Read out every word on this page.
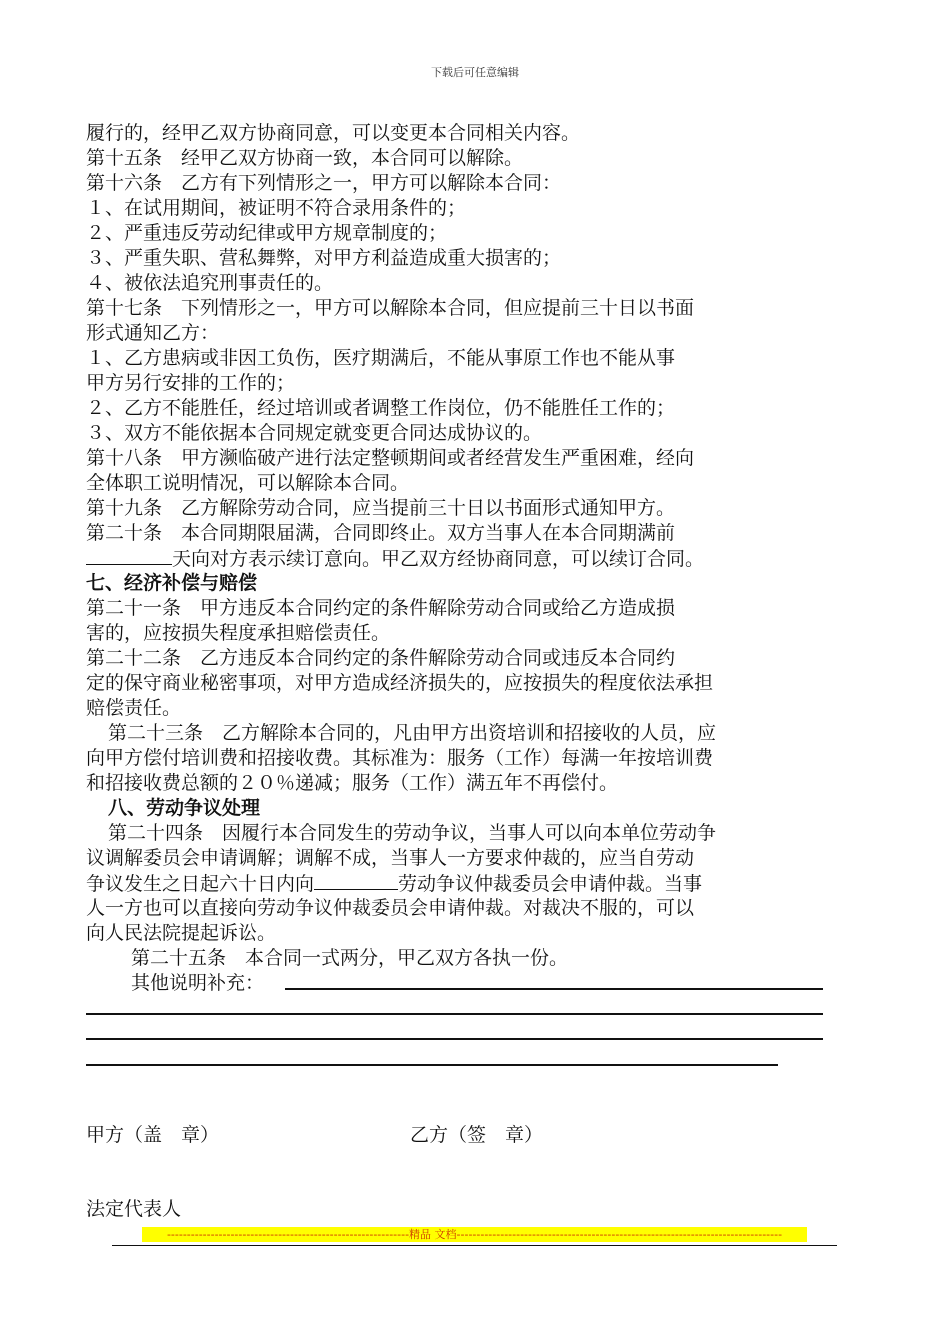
下载后可任意编辑
履行的，经甲乙双方协商同意，可以变更本合同相关内容。
第十五条　经甲乙双方协商一致，本合同可以解除。
第十六条　乙方有下列情形之一，甲方可以解除本合同：
１、在试用期间，被证明不符合录用条件的；
２、严重违反劳动纪律或甲方规章制度的；
３、严重失职、营私舞弊，对甲方利益造成重大损害的；
４、被依法追究刑事责任的。
第十七条　下列情形之一，甲方可以解除本合同，但应提前三十日以书面
形式通知乙方：
１、乙方患病或非因工负伤，医疗期满后，不能从事原工作也不能从事
甲方另行安排的工作的；
２、乙方不能胜任，经过培训或者调整工作岗位，仍不能胜任工作的；
３、双方不能依据本合同规定就变更合同达成协议的。
第十八条　甲方濒临破产进行法定整顿期间或者经营发生严重困难，经向
全体职工说明情况，可以解除本合同。
第十九条　乙方解除劳动合同，应当提前三十日以书面形式通知甲方。
第二十条　本合同期限届满，合同即终止。双方当事人在本合同期满前
天向对方表示续订意向。甲乙双方经协商同意，可以续订合同。
七、经济补偿与赔偿
第二十一条　甲方违反本合同约定的条件解除劳动合同或给乙方造成损
害的，应按损失程度承担赔偿责任。
第二十二条　乙方违反本合同约定的条件解除劳动合同或违反本合同约
定的保守商业秘密事项，对甲方造成经济损失的，应按损失的程度依法承担
赔偿责任。
第二十三条　乙方解除本合同的，凡由甲方出资培训和招接收的人员，应
向甲方偿付培训费和招接收费。其标准为：服务（工作）每满一年按培训费
和招接收费总额的２０％递减；服务（工作）满五年不再偿付。
八、劳动争议处理
第二十四条　因履行本合同发生的劳动争议，当事人可以向本单位劳动争
议调解委员会申请调解；调解不成，当事人一方要求仲裁的，应当自劳动
争议发生之日起六十日内向	劳动争议仲裁委员会申请仲裁。当事
人一方也可以直接向劳动争议仲裁委员会申请仲裁。对裁决不服的，可以
向人民法院提起诉讼。
第二十五条　本合同一式两分，甲乙双方各执一份。
其他说明补充：
甲方（盖　章）	乙方（签　章）
法定代表人
-------------------------------------------------------------精品 文档----------------------------------------------------------------------------------
